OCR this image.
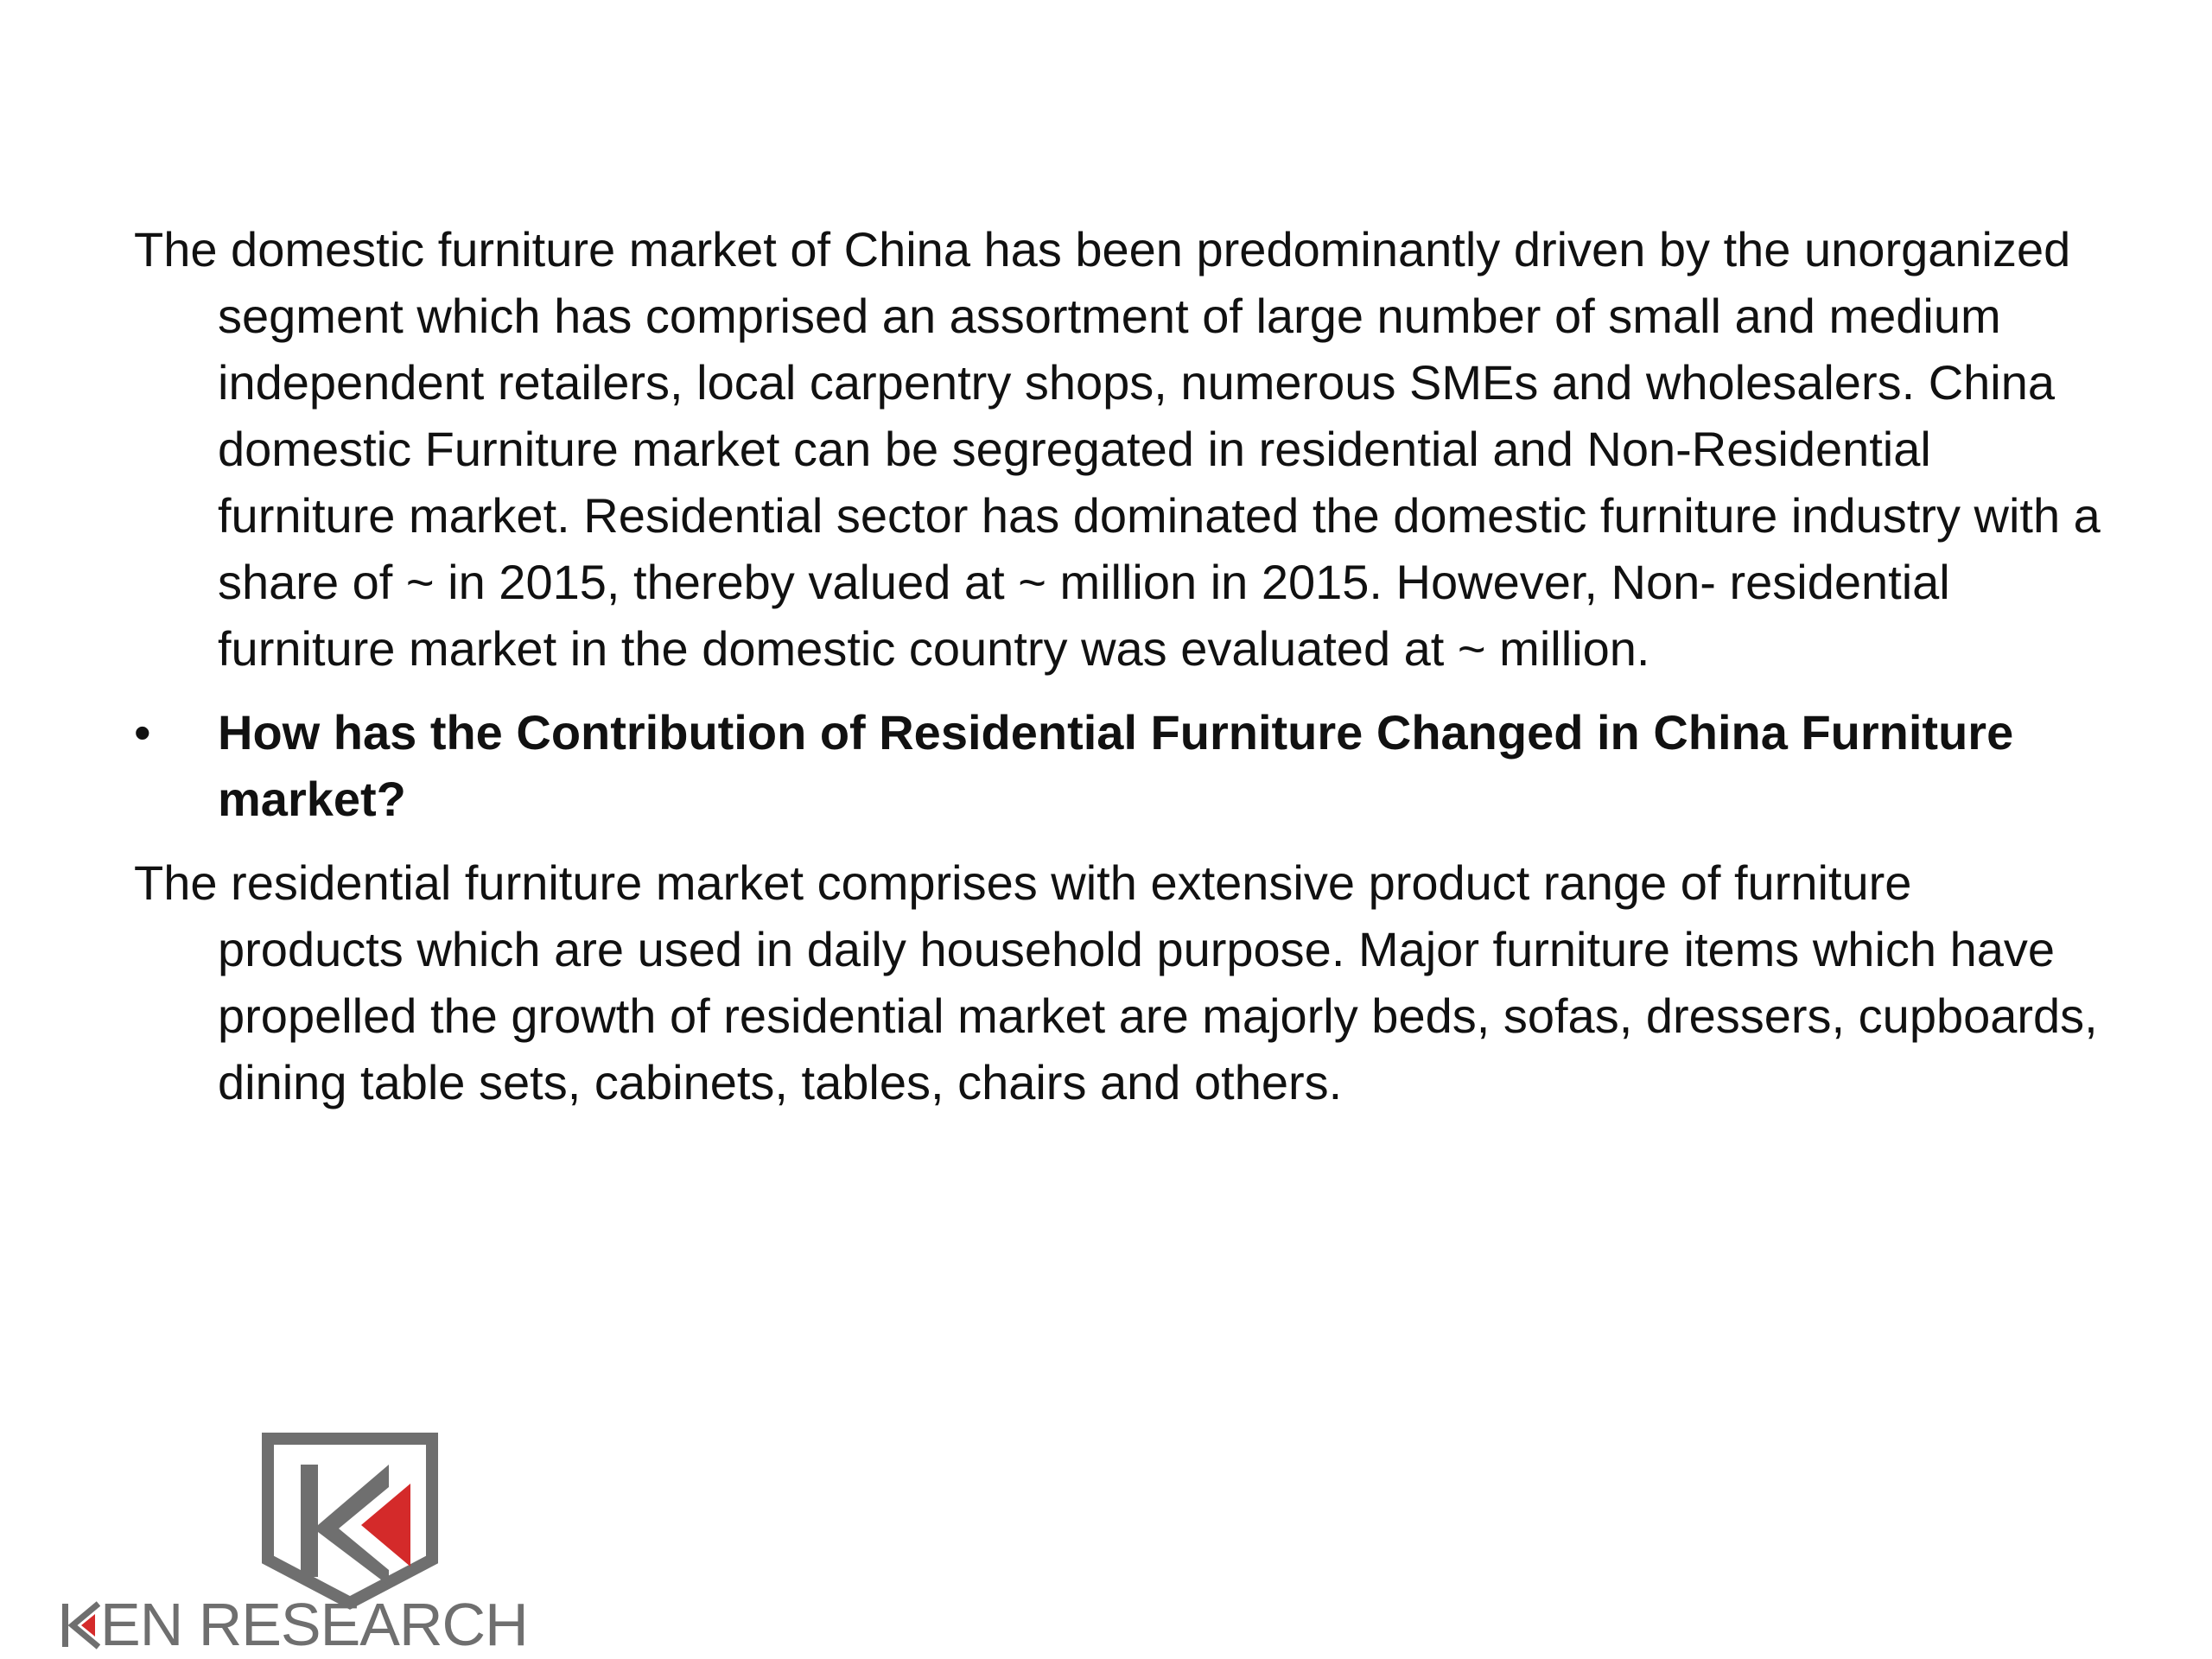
The domestic furniture market of China has been predominantly driven by the unorganized segment which has comprised an assortment of large number of small and medium independent retailers, local carpentry shops, numerous SMEs and wholesalers. China domestic Furniture market can be segregated in residential and Non-Residential furniture market. Residential sector has dominated the domestic furniture industry with a share of ~ in 2015, thereby valued at ~ million in 2015. However, Non- residential furniture market in the domestic country was evaluated at ~ million.

•	How has the Contribution of Residential Furniture Changed in China Furniture market?

The residential furniture market comprises with extensive product range of furniture products which are used in daily household purpose. Major furniture items which have propelled the growth of residential market are majorly beds, sofas, dressers, cupboards, dining table sets, cabinets, tables, chairs and others.

EN RESEARCH
